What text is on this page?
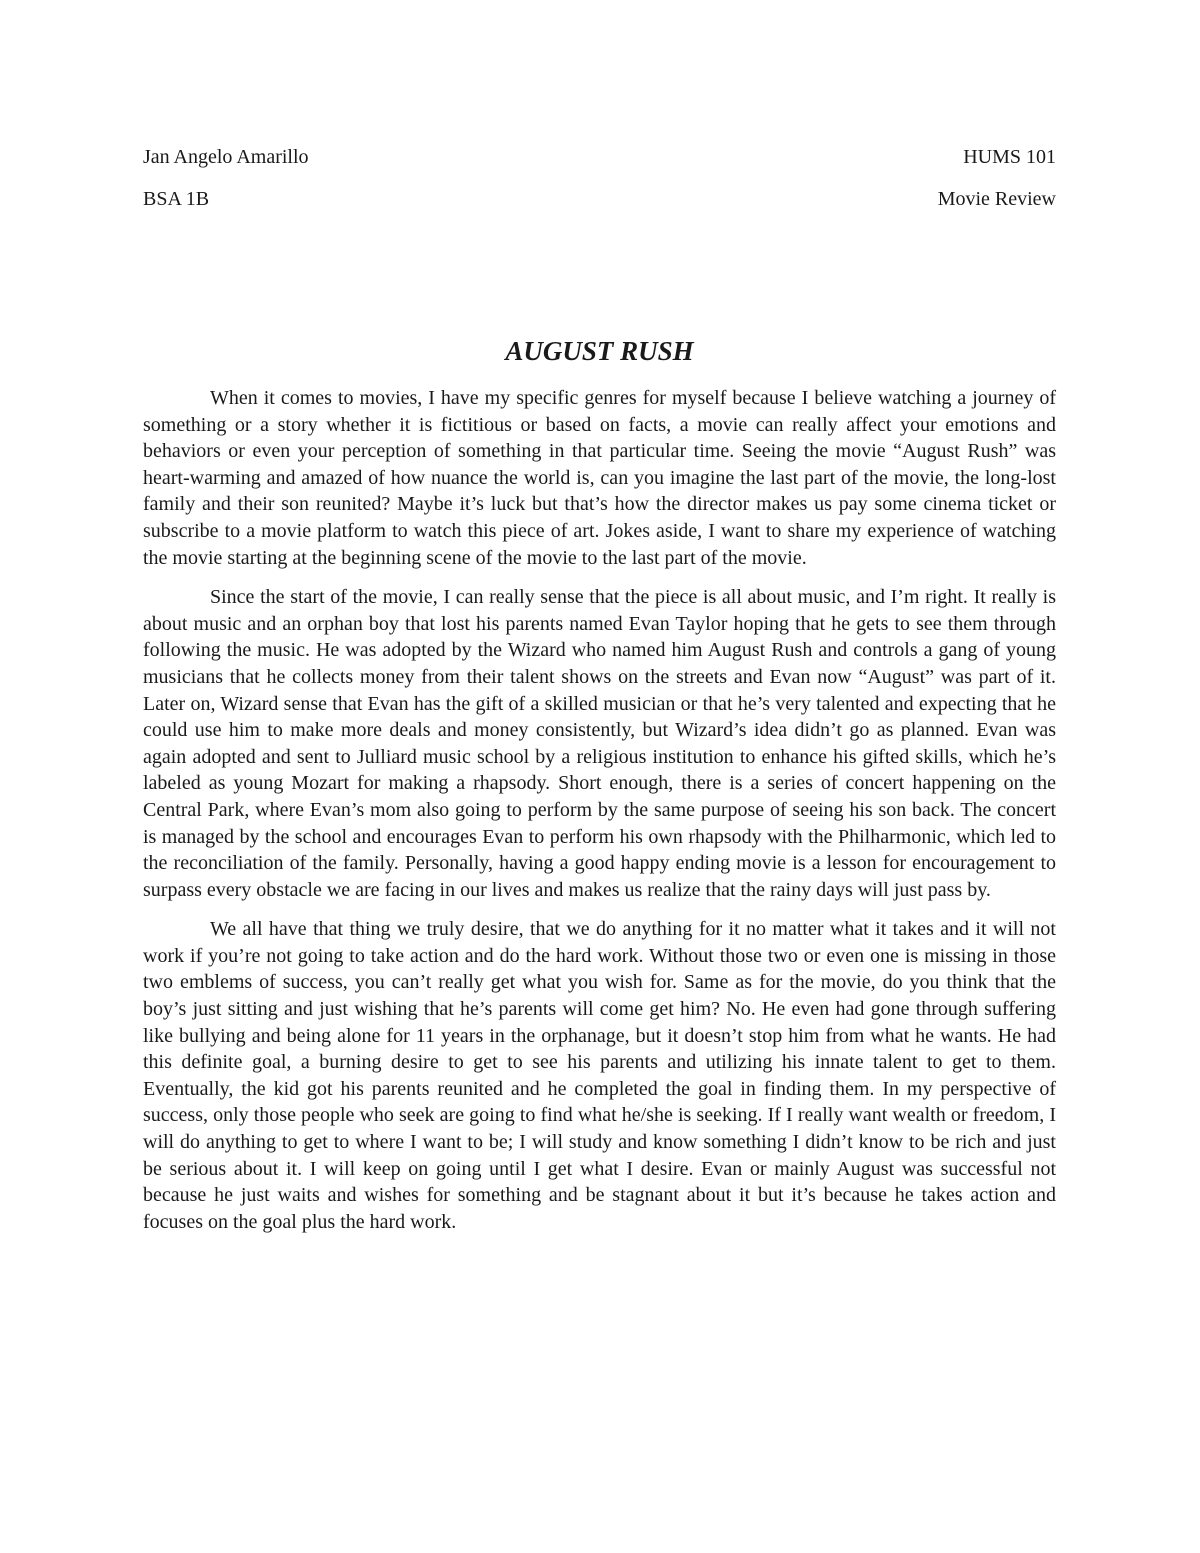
Jan Angelo Amarillo	HUMS 101
BSA 1B	Movie Review
AUGUST RUSH

When it comes to movies, I have my specific genres for myself because I believe watching a journey of something or a story whether it is fictitious or based on facts, a movie can really affect your emotions and behaviors or even your perception of something in that particular time. Seeing the movie “August Rush” was heart-warming and amazed of how nuance the world is, can you imagine the last part of the movie, the long-lost family and their son reunited? Maybe it’s luck but that’s how the director makes us pay some cinema ticket or subscribe to a movie platform to watch this piece of art. Jokes aside, I want to share my experience of watching the movie starting at the beginning scene of the movie to the last part of the movie.

Since the start of the movie, I can really sense that the piece is all about music, and I’m right. It really is about music and an orphan boy that lost his parents named Evan Taylor hoping that he gets to see them through following the music. He was adopted by the Wizard who named him August Rush and controls a gang of young musicians that he collects money from their talent shows on the streets and Evan now “August” was part of it. Later on, Wizard sense that Evan has the gift of a skilled musician or that he’s very talented and expecting that he could use him to make more deals and money consistently, but Wizard’s idea didn’t go as planned. Evan was again adopted and sent to Julliard music school by a religious institution to enhance his gifted skills, which he’s labeled as young Mozart for making a rhapsody. Short enough, there is a series of concert happening on the Central Park, where Evan’s mom also going to perform by the same purpose of seeing his son back. The concert is managed by the school and encourages Evan to perform his own rhapsody with the Philharmonic, which led to the reconciliation of the family. Personally, having a good happy ending movie is a lesson for encouragement to surpass every obstacle we are facing in our lives and makes us realize that the rainy days will just pass by.

We all have that thing we truly desire, that we do anything for it no matter what it takes and it will not work if you’re not going to take action and do the hard work. Without those two or even one is missing in those two emblems of success, you can’t really get what you wish for. Same as for the movie, do you think that the boy’s just sitting and just wishing that he’s parents will come get him? No. He even had gone through suffering like bullying and being alone for 11 years in the orphanage, but it doesn’t stop him from what he wants. He had this definite goal, a burning desire to get to see his parents and utilizing his innate talent to get to them. Eventually, the kid got his parents reunited and he completed the goal in finding them. In my perspective of success, only those people who seek are going to find what he/she is seeking. If I really want wealth or freedom, I will do anything to get to where I want to be; I will study and know something I didn’t know to be rich and just be serious about it. I will keep on going until I get what I desire. Evan or mainly August was successful not because he just waits and wishes for something and be stagnant about it but it’s because he takes action and focuses on the goal plus the hard work.
